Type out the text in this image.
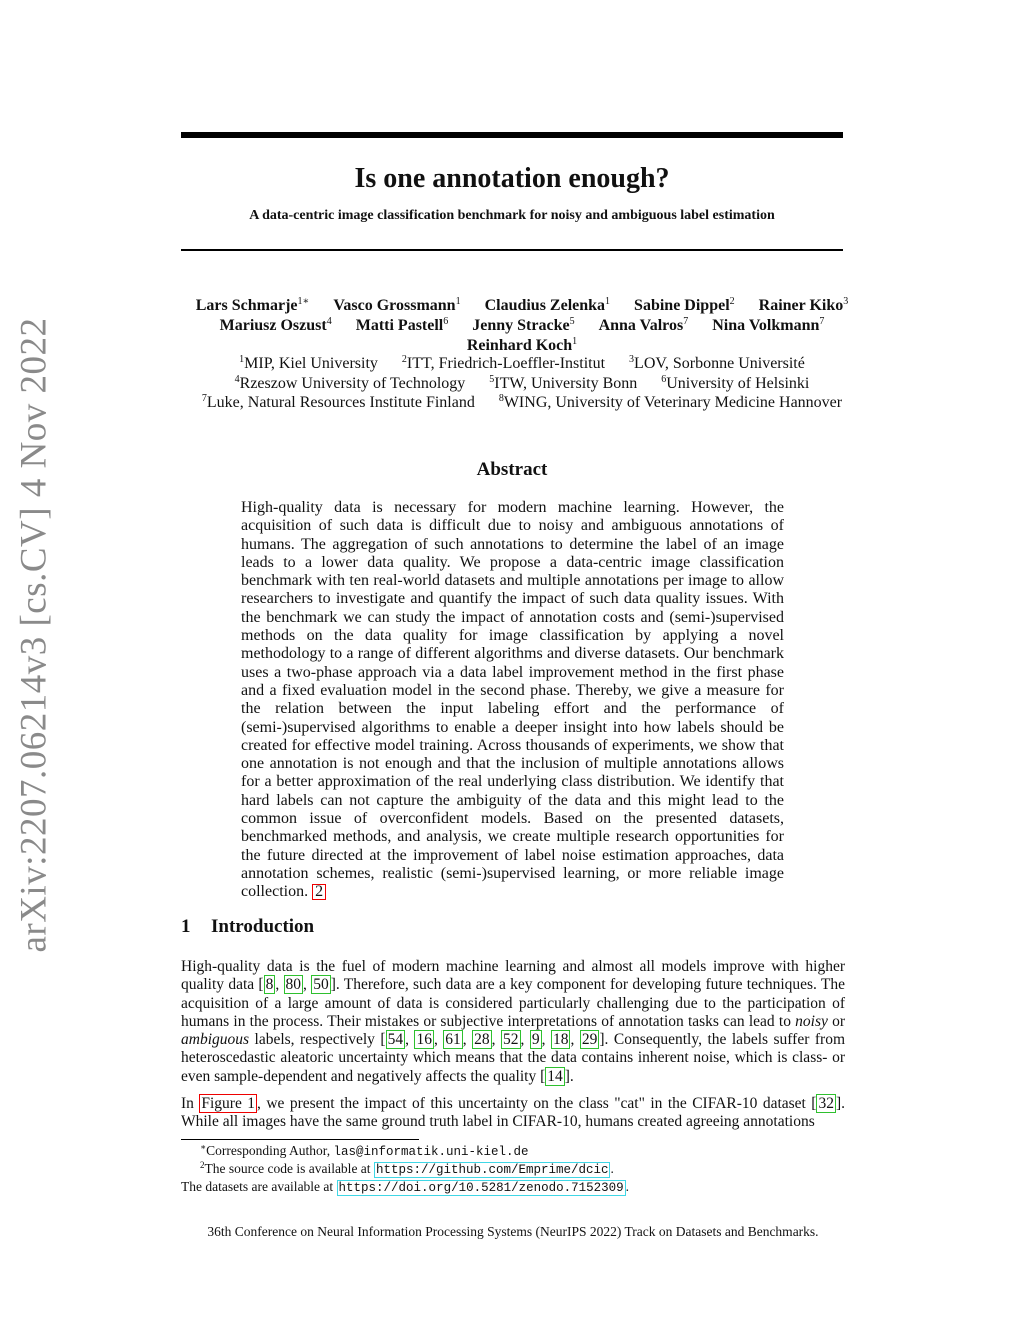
arXiv:2207.06214v3 [cs.CV] 4 Nov 2022
Is one annotation enough?
A data-centric image classification benchmark for noisy and ambiguous label estimation
Lars Schmarje$^{1∗}$ Vasco Grossmann$^1$ Claudius Zelenka$^1$ Sabine Dippel$^2$ Rainer Kiko$^3$
Mariusz Oszust$^4$ Matti Pastell$^6$ Jenny Stracke$^5$ Anna Valros$^7$ Nina Volkmann$^7$
Reinhard Koch$^1$
$^1$MIP, Kiel University $^2$ITT, Friedrich-Loeffler-Institut $^3$LOV, Sorbonne Université
$^4$Rzeszow University of Technology $^5$ITW, University Bonn $^6$University of Helsinki
$^7$Luke, Natural Resources Institute Finland $^8$WING, University of Veterinary Medicine Hannover
Abstract
High-quality data is necessary for modern machine learning. However, the acquisition of such data is difficult due to noisy and ambiguous annotations of humans. The aggregation of such annotations to determine the label of an image leads to a lower data quality. We propose a data-centric image classification benchmark with ten real-world datasets and multiple annotations per image to allow researchers to investigate and quantify the impact of such data quality issues. With the benchmark we can study the impact of annotation costs and (semi-)supervised methods on the data quality for image classification by applying a novel methodology to a range of different algorithms and diverse datasets. Our benchmark uses a two-phase approach via a data label improvement method in the first phase and a fixed evaluation model in the second phase. Thereby, we give a measure for the relation between the input labeling effort and the performance of (semi-)supervised algorithms to enable a deeper insight into how labels should be created for effective model training. Across thousands of experiments, we show that one annotation is not enough and that the inclusion of multiple annotations allows for a better approximation of the real underlying class distribution. We identify that hard labels can not capture the ambiguity of the data and this might lead to the common issue of overconfident models. Based on the presented datasets, benchmarked methods, and analysis, we create multiple research opportunities for the future directed at the improvement of label noise estimation approaches, data annotation schemes, realistic (semi-)supervised learning, or more reliable image collection. 2
1 Introduction
High-quality data is the fuel of modern machine learning and almost all models improve with higher quality data [ 8 , 80 , 50 ]. Therefore, such data are a key component for developing future techniques. The acquisition of a large amount of data is considered particularly challenging due to the participation of humans in the process. Their mistakes or subjective interpretations of annotation tasks can lead to noisy or ambiguous labels, respectively [ 54 , 16 , 61 , 28 , 52 , 9 , 18 , 29 ]. Consequently, the labels suffer from heteroscedastic aleatoric uncertainty which means that the data contains inherent noise, which is class- or even sample-dependent and negatively affects the quality [ 14 ].
In Figure 1 , we present the impact of this uncertainty on the class "cat" in the CIFAR-10 dataset [ 32 ]. While all images have the same ground truth label in CIFAR-10, humans created agreeing annotations
∗Corresponding Author, las@informatik.uni-kiel.de
$^2$The source code is available at https://github.com/Emprime/dcic .
The datasets are available at https://doi.org/10.5281/zenodo.7152309 .
36th Conference on Neural Information Processing Systems (NeurIPS 2022) Track on Datasets and Benchmarks.
